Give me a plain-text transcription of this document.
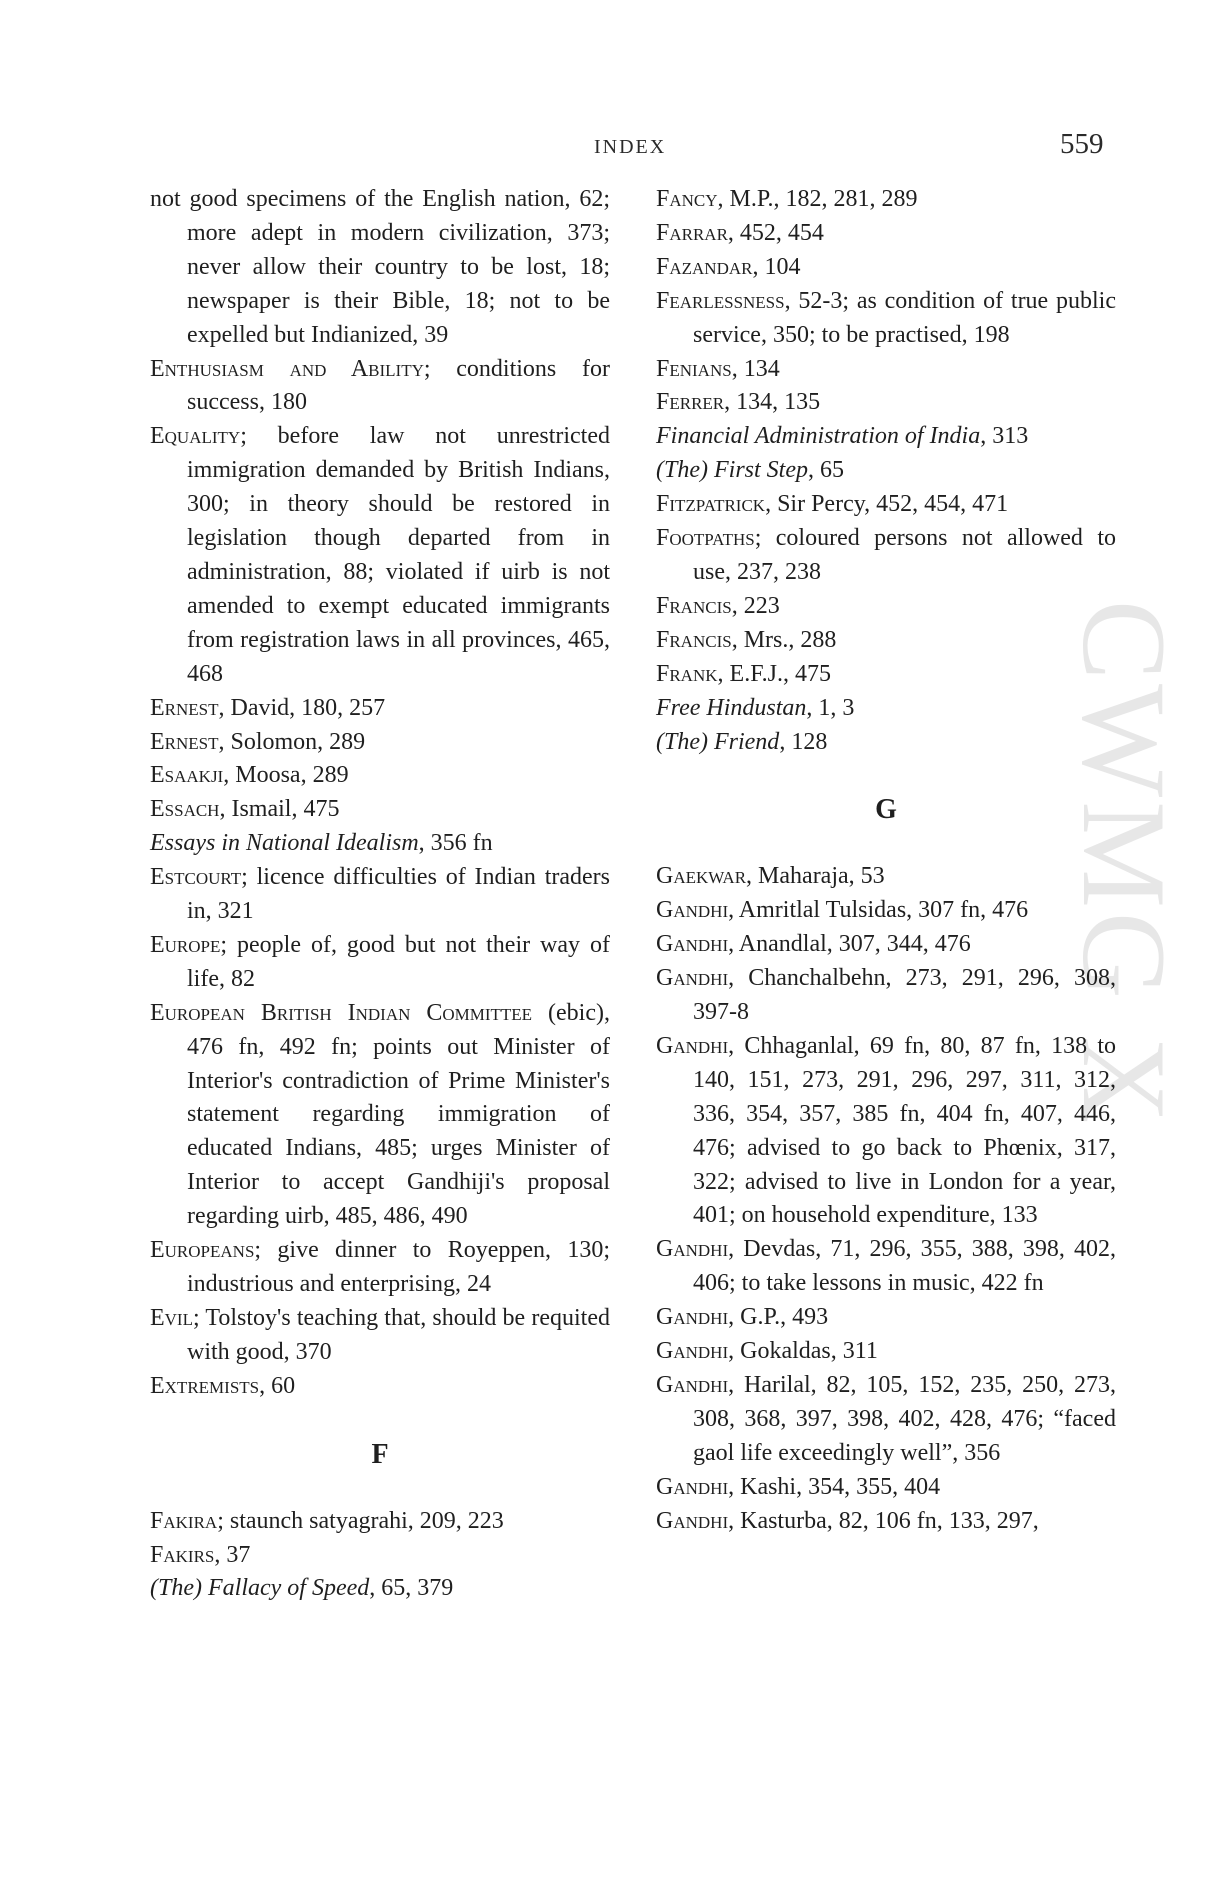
CWMG X
INDEX	559
not good specimens of the English nation, 62; more adept in modern civilization, 373; never allow their country to be lost, 18; newspaper is their Bible, 18; not to be expelled but Indianized, 39
Enthusiasm and Ability; conditions for success, 180
Equality; before law not unrestricted immigration demanded by British Indians, 300; in theory should be restored in legislation though departed from in administration, 88; violated if uirb is not amended to exempt educated immigrants from registration laws in all provinces, 465, 468
Ernest, David, 180, 257
Ernest, Solomon, 289
Esaakji, Moosa, 289
Essach, Ismail, 475
Essays in National Idealism, 356 fn
Estcourt; licence difficulties of Indian traders in, 321
Europe; people of, good but not their way of life, 82
European British Indian Committee (ebic), 476 fn, 492 fn; points out Minister of Interior's contradiction of Prime Minister's statement regarding immigration of educated Indians, 485; urges Minister of Interior to accept Gandhiji's proposal regarding uirb, 485, 486, 490
Europeans; give dinner to Royeppen, 130; industrious and enterprising, 24
Evil; Tolstoy's teaching that, should be requited with good, 370
Extremists, 60
F
Fakira; staunch satyagrahi, 209, 223
Fakirs, 37
(The) Fallacy of Speed, 65, 379
Fancy, M.P., 182, 281, 289
Farrar, 452, 454
Fazandar, 104
Fearlessness, 52-3; as condition of true public service, 350; to be practised, 198
Fenians, 134
Ferrer, 134, 135
Financial Administration of India, 313
(The) First Step, 65
Fitzpatrick, Sir Percy, 452, 454, 471
Footpaths; coloured persons not allowed to use, 237, 238
Francis, 223
Francis, Mrs., 288
Frank, E.F.J., 475
Free Hindustan, 1, 3
(The) Friend, 128
G
Gaekwar, Maharaja, 53
Gandhi, Amritlal Tulsidas, 307 fn, 476
Gandhi, Anandlal, 307, 344, 476
Gandhi, Chanchalbehn, 273, 291, 296, 308, 397-8
Gandhi, Chhaganlal, 69 fn, 80, 87 fn, 138 to 140, 151, 273, 291, 296, 297, 311, 312, 336, 354, 357, 385 fn, 404 fn, 407, 446, 476; advised to go back to Phœnix, 317, 322; advised to live in London for a year, 401; on household expenditure, 133
Gandhi, Devdas, 71, 296, 355, 388, 398, 402, 406; to take lessons in music, 422 fn
Gandhi, G.P., 493
Gandhi, Gokaldas, 311
Gandhi, Harilal, 82, 105, 152, 235, 250, 273, 308, 368, 397, 398, 402, 428, 476; “faced gaol life exceedingly well”, 356
Gandhi, Kashi, 354, 355, 404
Gandhi, Kasturba, 82, 106 fn, 133, 297,
